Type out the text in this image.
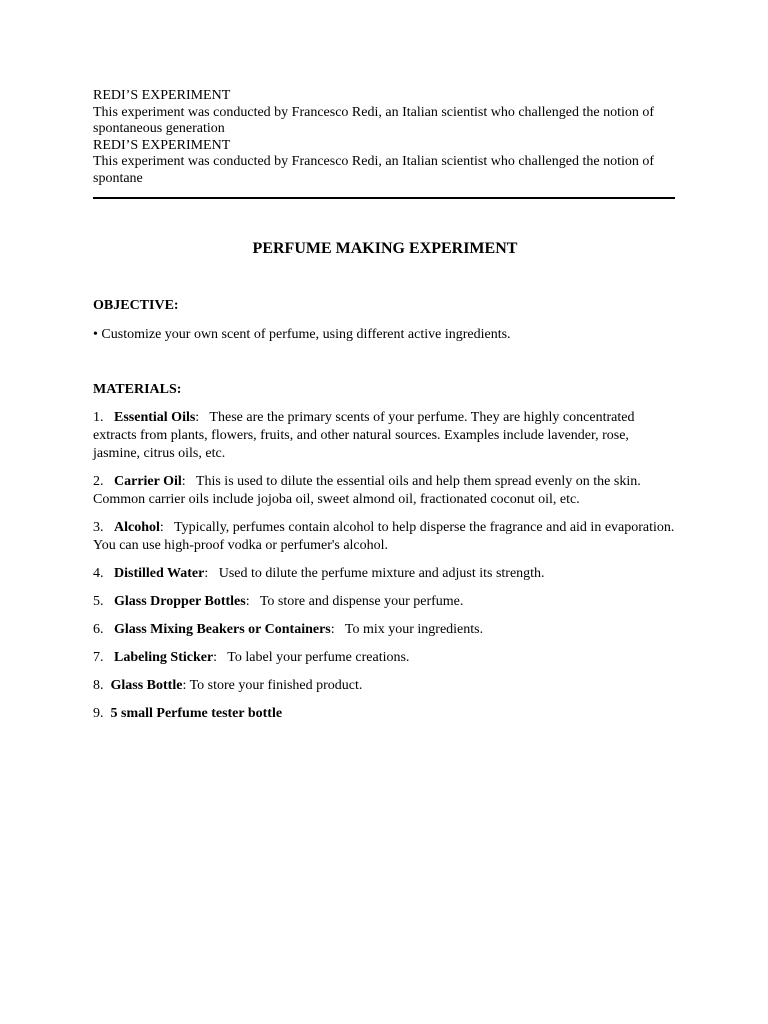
REDI’S EXPERIMENT
This experiment was conducted by Francesco Redi, an Italian scientist who challenged the notion of spontaneous generation
REDI’S EXPERIMENT
This experiment was conducted by Francesco Redi, an Italian scientist who challenged the notion of spontane
PERFUME MAKING EXPERIMENT
OBJECTIVE:
• Customize your own scent of perfume, using different active ingredients.
MATERIALS:
1.   Essential Oils:   These are the primary scents of your perfume. They are highly concentrated extracts from plants, flowers, fruits, and other natural sources. Examples include lavender, rose, jasmine, citrus oils, etc.
2.   Carrier Oil:   This is used to dilute the essential oils and help them spread evenly on the skin. Common carrier oils include jojoba oil, sweet almond oil, fractionated coconut oil, etc.
3.   Alcohol:   Typically, perfumes contain alcohol to help disperse the fragrance and aid in evaporation. You can use high-proof vodka or perfumer's alcohol.
4.   Distilled Water:   Used to dilute the perfume mixture and adjust its strength.
5.   Glass Dropper Bottles:   To store and dispense your perfume.
6.   Glass Mixing Beakers or Containers:   To mix your ingredients.
7.   Labeling Sticker:   To label your perfume creations.
8.  Glass Bottle: To store your finished product.
9.  5 small Perfume tester bottle
